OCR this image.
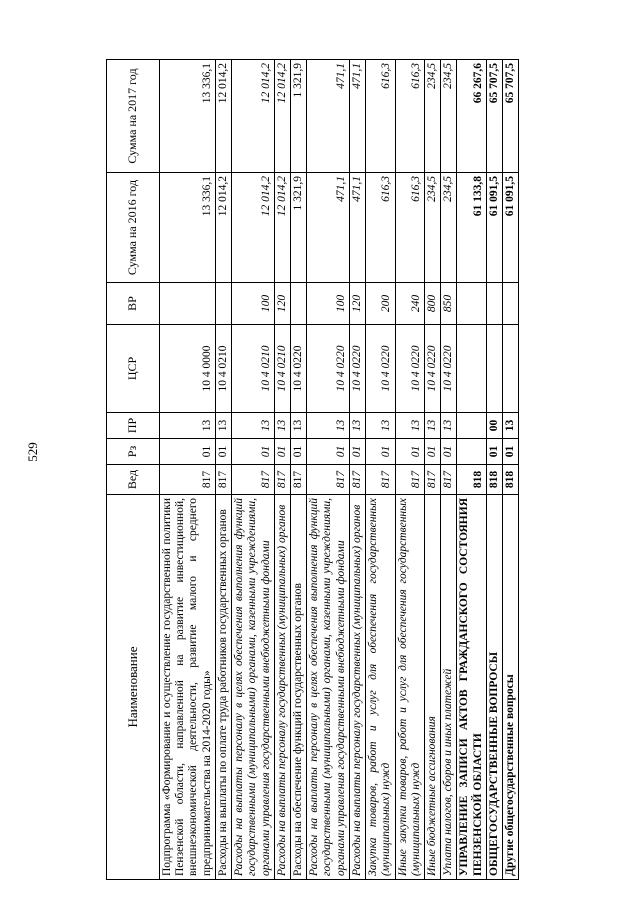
529
Наименование	Вед	Рз	ПР	ЦСР	ВР	Сумма на 2016 год	Сумма на 2017 год
Подпрограмма «Формирование и осуществление государственной политики Пензенской области, направленной на развитие инвестиционной, внешнеэкономической деятельности, развитие малого и среднего предпринимательства на 2014-2020 годы»	817	01	13	10 4 0000		13 336,1	13 336,1
Расходы на выплаты по оплате труда работников государственных органов	817	01	13	10 4 0210		12 014,2	12 014,2
Расходы на выплаты персоналу в целях обеспечения выполнения функций государственными (муниципальными) органами, казенными учреждениями, органами управления государственными внебюджетными фондами	817	01	13	10 4 0210	100	12 014,2	12 014,2
Расходы на выплаты персоналу государственных (муниципальных) органов	817	01	13	10 4 0210	120	12 014,2	12 014,2
Расходы на обеспечение функций государственных органов	817	01	13	10 4 0220		1 321,9	1 321,9
Расходы на выплаты персоналу в целях обеспечения выполнения функций государственными (муниципальными) органами, казенными учреждениями, органами управления государственными внебюджетными фондами	817	01	13	10 4 0220	100	471,1	471,1
Расходы на выплаты персоналу государственных (муниципальных) органов	817	01	13	10 4 0220	120	471,1	471,1
Закупка товаров, работ и услуг для обеспечения государственных (муниципальных) нужд	817	01	13	10 4 0220	200	616,3	616,3
Иные закупки товаров, работ и услуг для обеспечения государственных (муниципальных) нужд	817	01	13	10 4 0220	240	616,3	616,3
Иные бюджетные ассигнования	817	01	13	10 4 0220	800	234,5	234,5
Уплата налогов, сборов и иных платежей	817	01	13	10 4 0220	850	234,5	234,5
УПРАВЛЕНИЕ ЗАПИСИ АКТОВ ГРАЖДАНСКОГО СОСТОЯНИЯ ПЕНЗЕНСКОЙ ОБЛАСТИ	818					61 133,8	66 267,6
ОБЩЕГОСУДАРСТВЕННЫЕ ВОПРОСЫ	818	01	00			61 091,5	65 707,5
Другие общегосударственные вопросы	818	01	13			61 091,5	65 707,5
